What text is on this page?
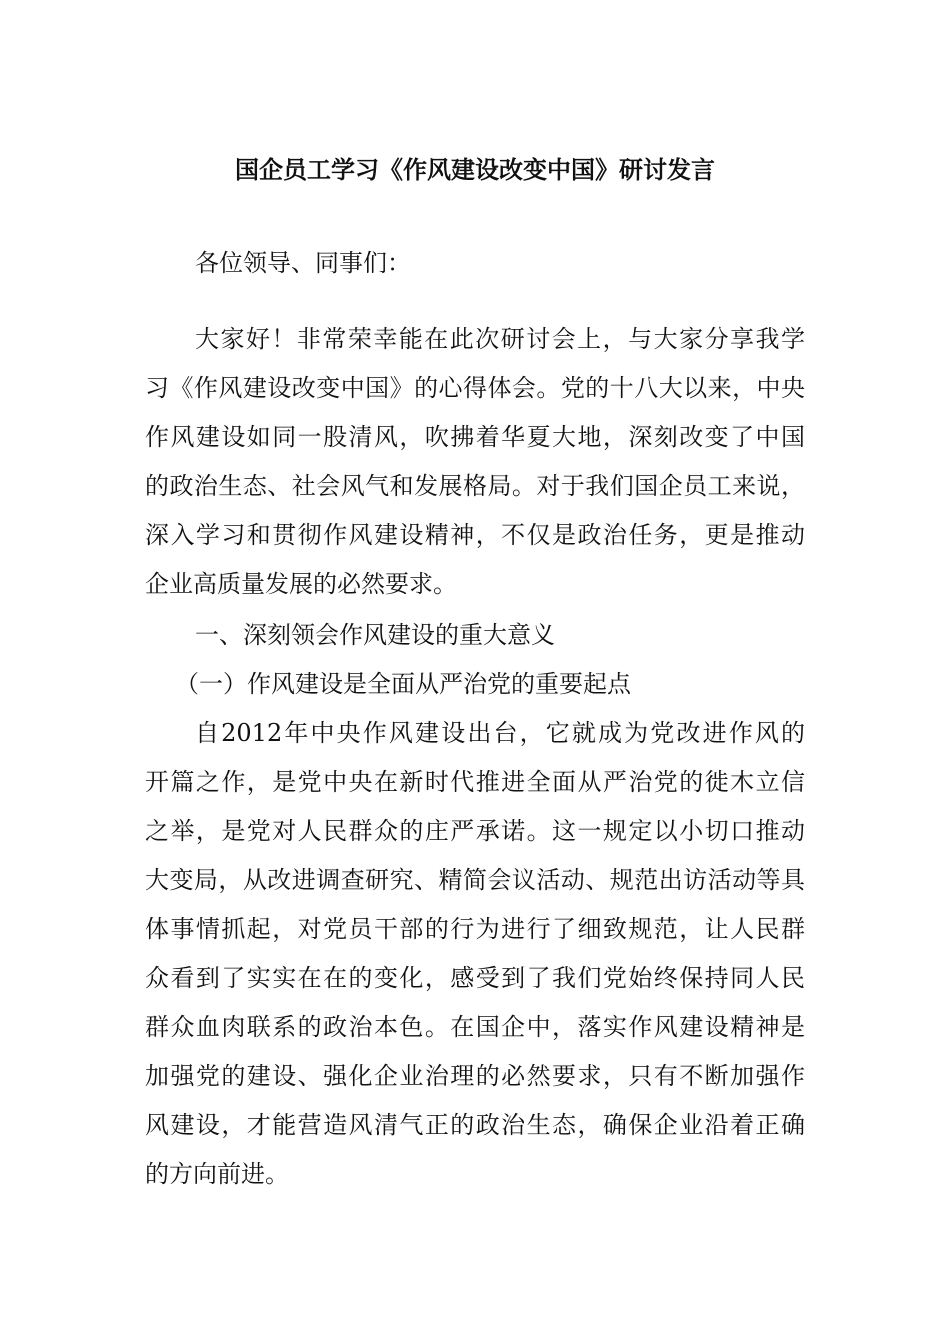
国企员工学习《作风建设改变中国》研讨发言
各位领导、同事们：
大家好！非常荣幸能在此次研讨会上，与大家分享我学
习《作风建设改变中国》的心得体会。党的十八大以来，中央
作风建设如同一股清风，吹拂着华夏大地，深刻改变了中国
的政治生态、社会风气和发展格局。对于我们国企员工来说，
深入学习和贯彻作风建设精神，不仅是政治任务，更是推动
企业高质量发展的必然要求。
一、深刻领会作风建设的重大意义
（一）作风建设是全面从严治党的重要起点
自2012年中央作风建设出台，它就成为党改进作风的
开篇之作，是党中央在新时代推进全面从严治党的徙木立信
之举，是党对人民群众的庄严承诺。这一规定以小切口推动
大变局，从改进调查研究、精简会议活动、规范出访活动等具
体事情抓起，对党员干部的行为进行了细致规范，让人民群
众看到了实实在在的变化，感受到了我们党始终保持同人民
群众血肉联系的政治本色。在国企中，落实作风建设精神是
加强党的建设、强化企业治理的必然要求，只有不断加强作
风建设，才能营造风清气正的政治生态，确保企业沿着正确
的方向前进。
